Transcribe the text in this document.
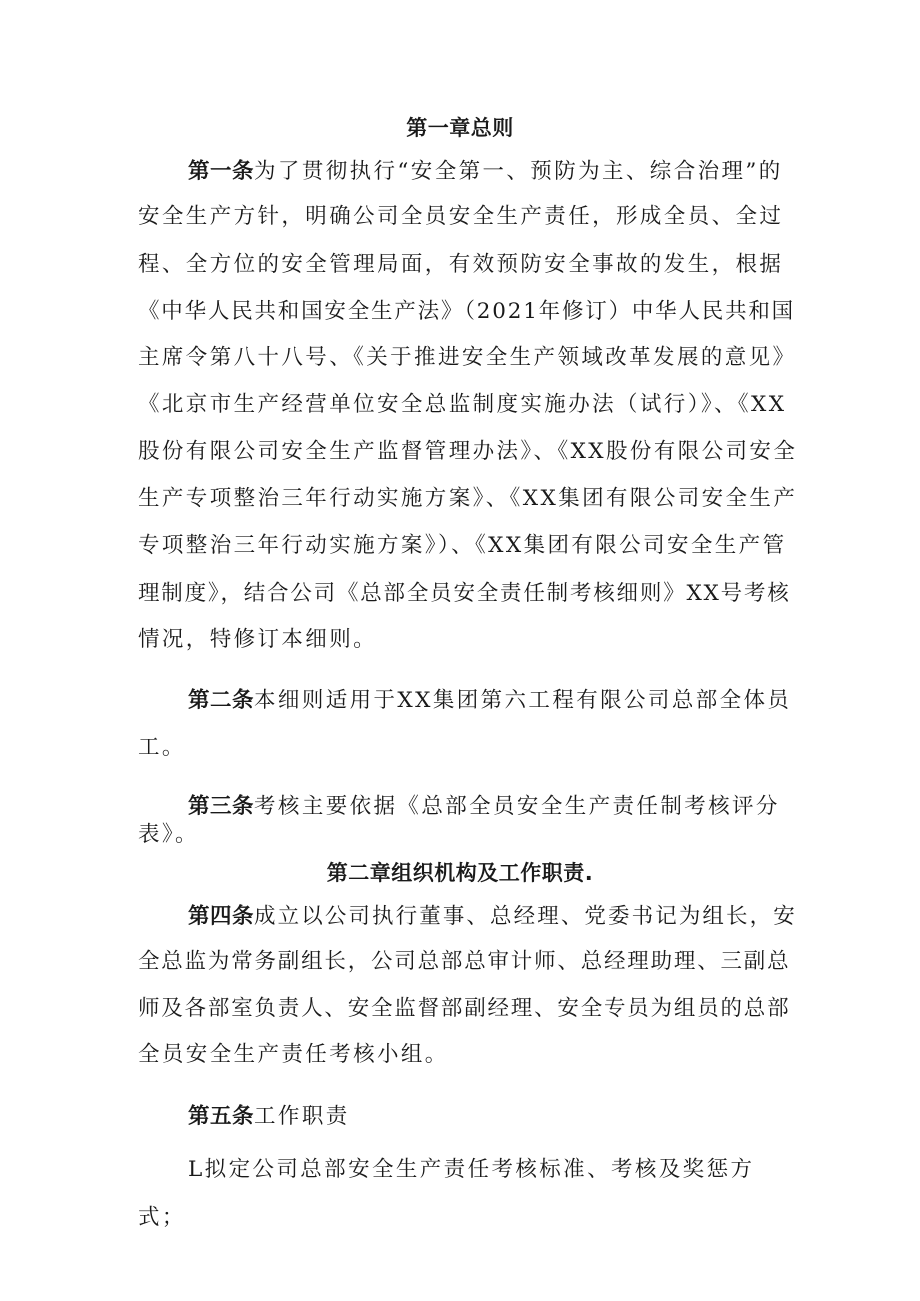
第一章总则
第一条为了贯彻执行“安全第一、预防为主、综合治理”的
安全生产方针，明确公司全员安全生产责任，形成全员、全过
程、全方位的安全管理局面，有效预防安全事故的发生，根据
《中华人民共和国安全生产法》（2021年修订）中华人民共和国
主席令第八十八号、《关于推进安全生产领域改革发展的意见》
《北京市生产经营单位安全总监制度实施办法（试行）》、《XX
股份有限公司安全生产监督管理办法》、《XX股份有限公司安全
生产专项整治三年行动实施方案》、《XX集团有限公司安全生产
专项整治三年行动实施方案》）、《XX集团有限公司安全生产管
理制度》，结合公司《总部全员安全责任制考核细则》XX号考核
情况，特修订本细则。
第二条本细则适用于XX集团第六工程有限公司总部全体员
工。
第三条考核主要依据《总部全员安全生产责任制考核评分
表》。
第二章组织机构及工作职责.
第四条成立以公司执行董事、总经理、党委书记为组长，安
全总监为常务副组长，公司总部总审计师、总经理助理、三副总
师及各部室负责人、安全监督部副经理、安全专员为组员的总部
全员安全生产责任考核小组。
第五条工作职责
L拟定公司总部安全生产责任考核标准、考核及奖惩方
式；
